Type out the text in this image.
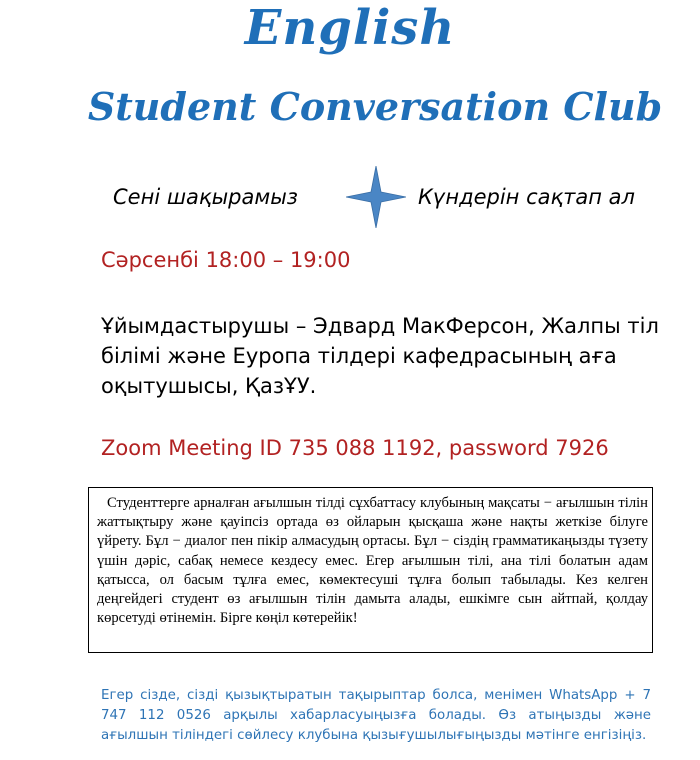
English
Student Conversation Club
Сені шақырамыз	Күндерін сақтап ал
Сәрсенбі 18:00 – 19:00
Ұйымдастырушы – Эдвард МакФерсон, Жалпы тіл білімі және Еуропа тілдері кафедрасының аға оқытушысы, ҚазҰУ.
Zoom Meeting ID 735 088 1192, password 7926
Студенттерге арналған ағылшын тілді сұхбаттасу клубының мақсаты − ағылшын тілін жаттықтыру және қауіпсіз ортада өз ойларын қысқаша және нақты жеткізе білуге үйрету. Бұл − диалог пен пікір алмасудың ортасы. Бұл − сіздің грамматикаңызды түзету үшін дәріс, сабақ немесе кездесу емес. Егер ағылшын тілі, ана тілі болатын адам қатысса, ол басым тұлға емес, көмектесуші тұлға болып табылады. Кез келген деңгейдегі студент өз ағылшын тілін дамыта алады, ешкімге сын айтпай, қолдау көрсетуді өтінемін. Бірге көңіл көтерейік!
Егер сізде, сізді қызықтыратын тақырыптар болса, менімен WhatsApp + 7 747 112 0526 арқылы хабарласуыңызға болады. Өз атыңызды және ағылшын тіліндегі сөйлесу клубына қызығушылығыңызды мәтінге енгізіңіз.
